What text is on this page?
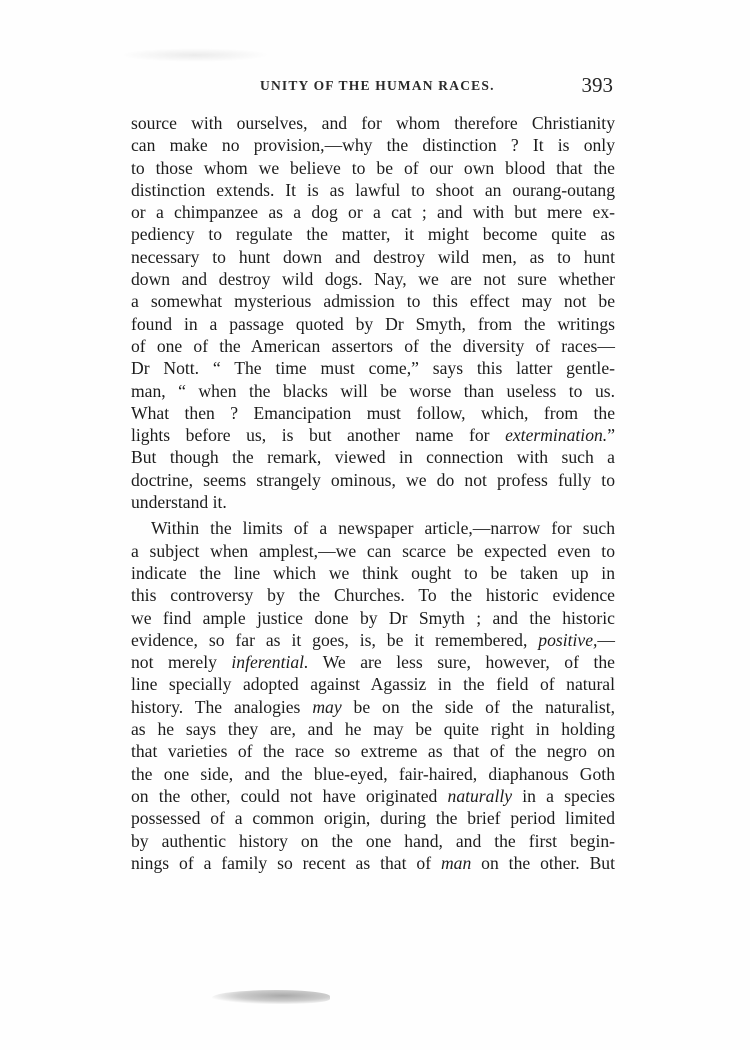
UNITY OF THE HUMAN RACES.	393
source with ourselves, and for whom therefore Christianity
can make no provision,—why the distinction ? It is only
to those whom we believe to be of our own blood that the
distinction extends. It is as lawful to shoot an ourang-outang
or a chimpanzee as a dog or a cat ; and with but mere ex-
pediency to regulate the matter, it might become quite as
necessary to hunt down and destroy wild men, as to hunt
down and destroy wild dogs. Nay, we are not sure whether
a somewhat mysterious admission to this effect may not be
found in a passage quoted by Dr Smyth, from the writings
of one of the American assertors of the diversity of races—
Dr Nott. “ The time must come,” says this latter gentle-
man, “ when the blacks will be worse than useless to us.
What then ? Emancipation must follow, which, from the
lights before us, is but another name for extermination.”
But though the remark, viewed in connection with such a
doctrine, seems strangely ominous, we do not profess fully to
understand it.
Within the limits of a newspaper article,—narrow for such
a subject when amplest,—we can scarce be expected even to
indicate the line which we think ought to be taken up in
this controversy by the Churches. To the historic evidence
we find ample justice done by Dr Smyth ; and the historic
evidence, so far as it goes, is, be it remembered, positive,—
not merely inferential. We are less sure, however, of the
line specially adopted against Agassiz in the field of natural
history. The analogies may be on the side of the naturalist,
as he says they are, and he may be quite right in holding
that varieties of the race so extreme as that of the negro on
the one side, and the blue-eyed, fair-haired, diaphanous Goth
on the other, could not have originated naturally in a species
possessed of a common origin, during the brief period limited
by authentic history on the one hand, and the first begin-
nings of a family so recent as that of man on the other. But
